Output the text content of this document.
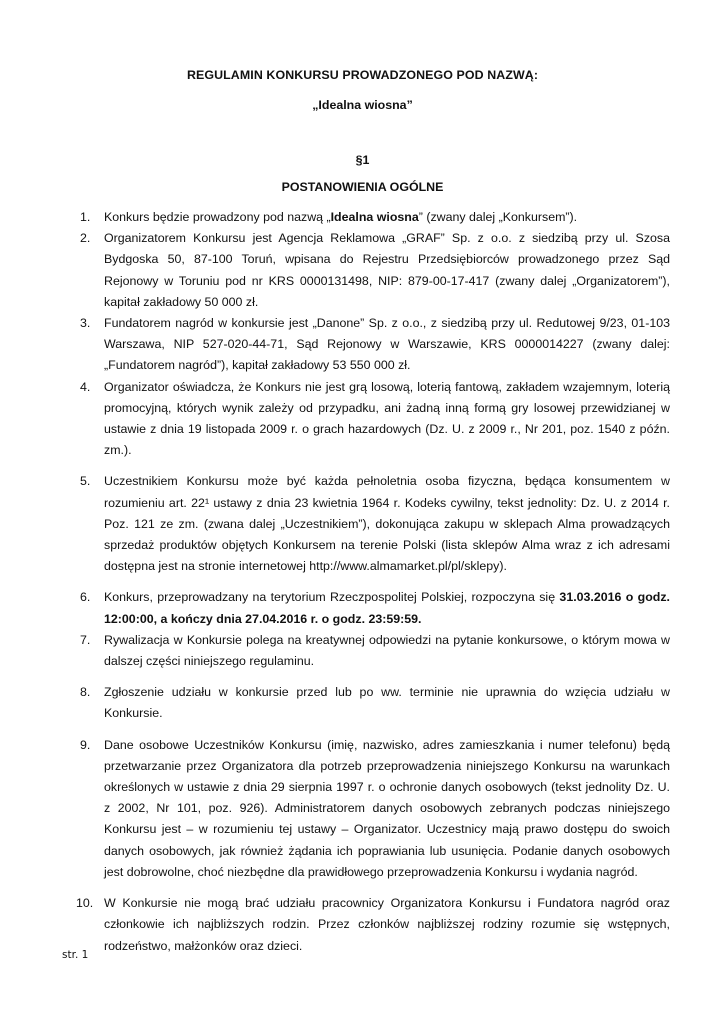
REGULAMIN KONKURSU PROWADZONEGO POD NAZWĄ:
„Idealna wiosna”
§1
POSTANOWIENIA OGÓLNE
1. Konkurs będzie prowadzony pod nazwą „Idealna wiosna” (zwany dalej „Konkursem”).
2. Organizatorem Konkursu jest Agencja Reklamowa „GRAF” Sp. z o.o. z siedzibą przy ul. Szosa Bydgoska 50, 87-100 Toruń, wpisana do Rejestru Przedsiębiorców prowadzonego przez Sąd Rejonowy w Toruniu pod nr KRS 0000131498, NIP: 879-00-17-417 (zwany dalej „Organizatorem”), kapitał zakładowy 50 000 zł.
3. Fundatorem nagród w konkursie jest „Danone” Sp. z o.o., z siedzibą przy ul. Redutowej 9/23, 01-103 Warszawa, NIP 527-020-44-71, Sąd Rejonowy w Warszawie, KRS 0000014227 (zwany dalej: „Fundatorem nagród”), kapitał zakładowy 53 550 000 zł.
4. Organizator oświadcza, że Konkurs nie jest grą losową, loterią fantową, zakładem wzajemnym, loterią promocyjną, których wynik zależy od przypadku, ani żadną inną formą gry losowej przewidzianej w ustawie z dnia 19 listopada 2009 r. o grach hazardowych (Dz. U. z 2009 r., Nr 201, poz. 1540 z późn. zm.).
5. Uczestnikiem Konkursu może być każda pełnoletnia osoba fizyczna, będąca konsumentem w rozumieniu art. 22¹ ustawy z dnia 23 kwietnia 1964 r. Kodeks cywilny, tekst jednolity: Dz. U. z 2014 r. Poz. 121 ze zm. (zwana dalej „Uczestnikiem”), dokonująca zakupu w sklepach Alma prowadzących sprzedaż produktów objętych Konkursem na terenie Polski (lista sklepów Alma wraz z ich adresami dostępna jest na stronie internetowej http://www.almamarket.pl/pl/sklepy).
6. Konkurs, przeprowadzany na terytorium Rzeczpospolitej Polskiej, rozpoczyna się 31.03.2016 o godz. 12:00:00, a kończy dnia 27.04.2016 r. o godz. 23:59:59.
7. Rywalizacja w Konkursie polega na kreatywnej odpowiedzi na pytanie konkursowe, o którym mowa w dalszej części niniejszego regulaminu.
8. Zgłoszenie udziału w konkursie przed lub po ww. terminie nie uprawnia do wzięcia udziału w Konkursie.
9. Dane osobowe Uczestników Konkursu (imię, nazwisko, adres zamieszkania i numer telefonu) będą przetwarzanie przez Organizatora dla potrzeb przeprowadzenia niniejszego Konkursu na warunkach określonych w ustawie z dnia 29 sierpnia 1997 r. o ochronie danych osobowych (tekst jednolity Dz. U. z 2002, Nr 101, poz. 926). Administratorem danych osobowych zebranych podczas niniejszego Konkursu jest – w rozumieniu tej ustawy – Organizator. Uczestnicy mają prawo dostępu do swoich danych osobowych, jak również żądania ich poprawiania lub usunięcia. Podanie danych osobowych jest dobrowolne, choć niezbędne dla prawidłowego przeprowadzenia Konkursu i wydania nagród.
10. W Konkursie nie mogą brać udziału pracownicy Organizatora Konkursu i Fundatora nagród oraz członkowie ich najbliższych rodzin. Przez członków najbliższej rodziny rozumie się wstępnych, rodzeństwo, małżonków oraz dzieci.
str. 1
